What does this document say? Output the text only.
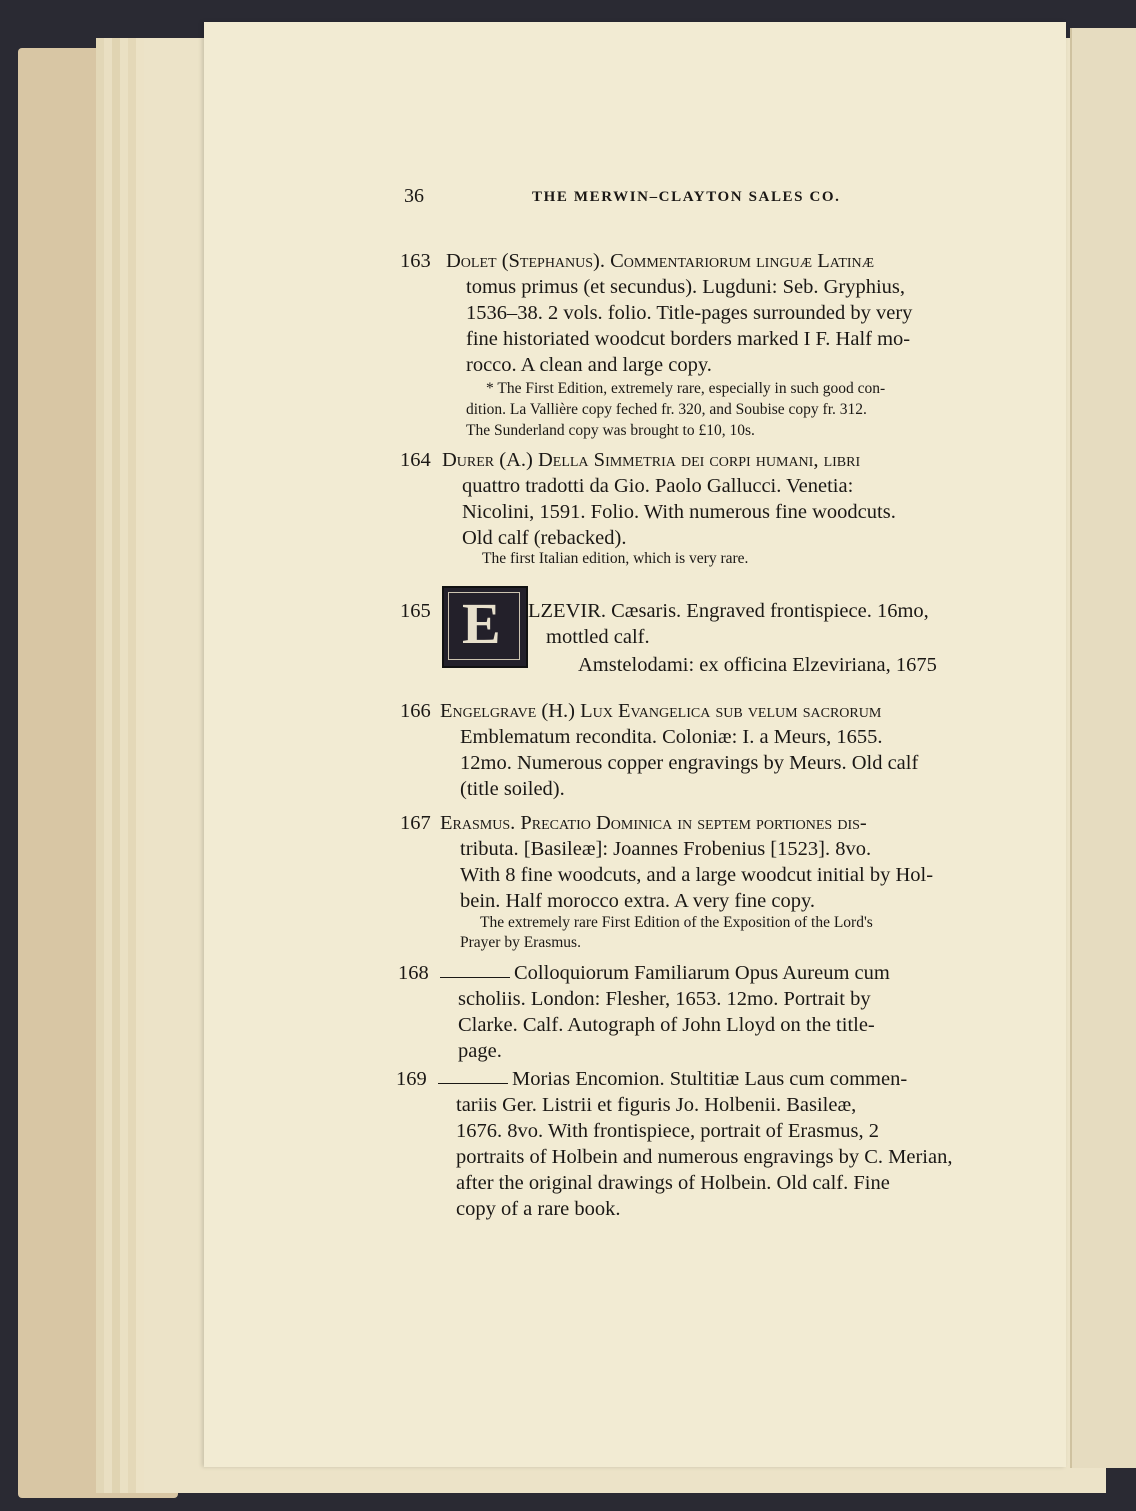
36	THE MERWIN–CLAYTON SALES CO.
163 Dolet (Stephanus). Commentariorum linguæ Latinæ
tomus primus (et secundus). Lugduni: Seb. Gryphius,
1536–38. 2 vols. folio. Title-pages surrounded by very
fine historiated woodcut borders marked I F. Half mo-
rocco. A clean and large copy.
* The First Edition, extremely rare, especially in such good con-
dition. La Vallière copy feched fr. 320, and Soubise copy fr. 312.
The Sunderland copy was brought to £10, 10s.
164 Durer (A.) Della Simmetria dei corpi humani, libri
quattro tradotti da Gio. Paolo Gallucci. Venetia:
Nicolini, 1591. Folio. With numerous fine woodcuts.
Old calf (rebacked).
The first Italian edition, which is very rare.
165 E LZEVIR. Cæsaris. Engraved frontispiece. 16mo,
mottled calf.
Amstelodami: ex officina Elzeviriana, 1675
166 Engelgrave (H.) Lux Evangelica sub velum sacrorum
Emblematum recondita. Coloniæ: I. a Meurs, 1655.
12mo. Numerous copper engravings by Meurs. Old calf
(title soiled).
167 Erasmus. Precatio Dominica in septem portiones dis-
tributa. [Basileæ]: Joannes Frobenius [1523]. 8vo.
With 8 fine woodcuts, and a large woodcut initial by Hol-
bein. Half morocco extra. A very fine copy.
The extremely rare First Edition of the Exposition of the Lord's
Prayer by Erasmus.
168	Colloquiorum Familiarum Opus Aureum cum
scholiis. London: Flesher, 1653. 12mo. Portrait by
Clarke. Calf. Autograph of John Lloyd on the title-
page.
169	Morias Encomion. Stultitiæ Laus cum commen-
tariis Ger. Listrii et figuris Jo. Holbenii. Basileæ,
1676. 8vo. With frontispiece, portrait of Erasmus, 2
portraits of Holbein and numerous engravings by C. Merian,
after the original drawings of Holbein. Old calf. Fine
copy of a rare book.
